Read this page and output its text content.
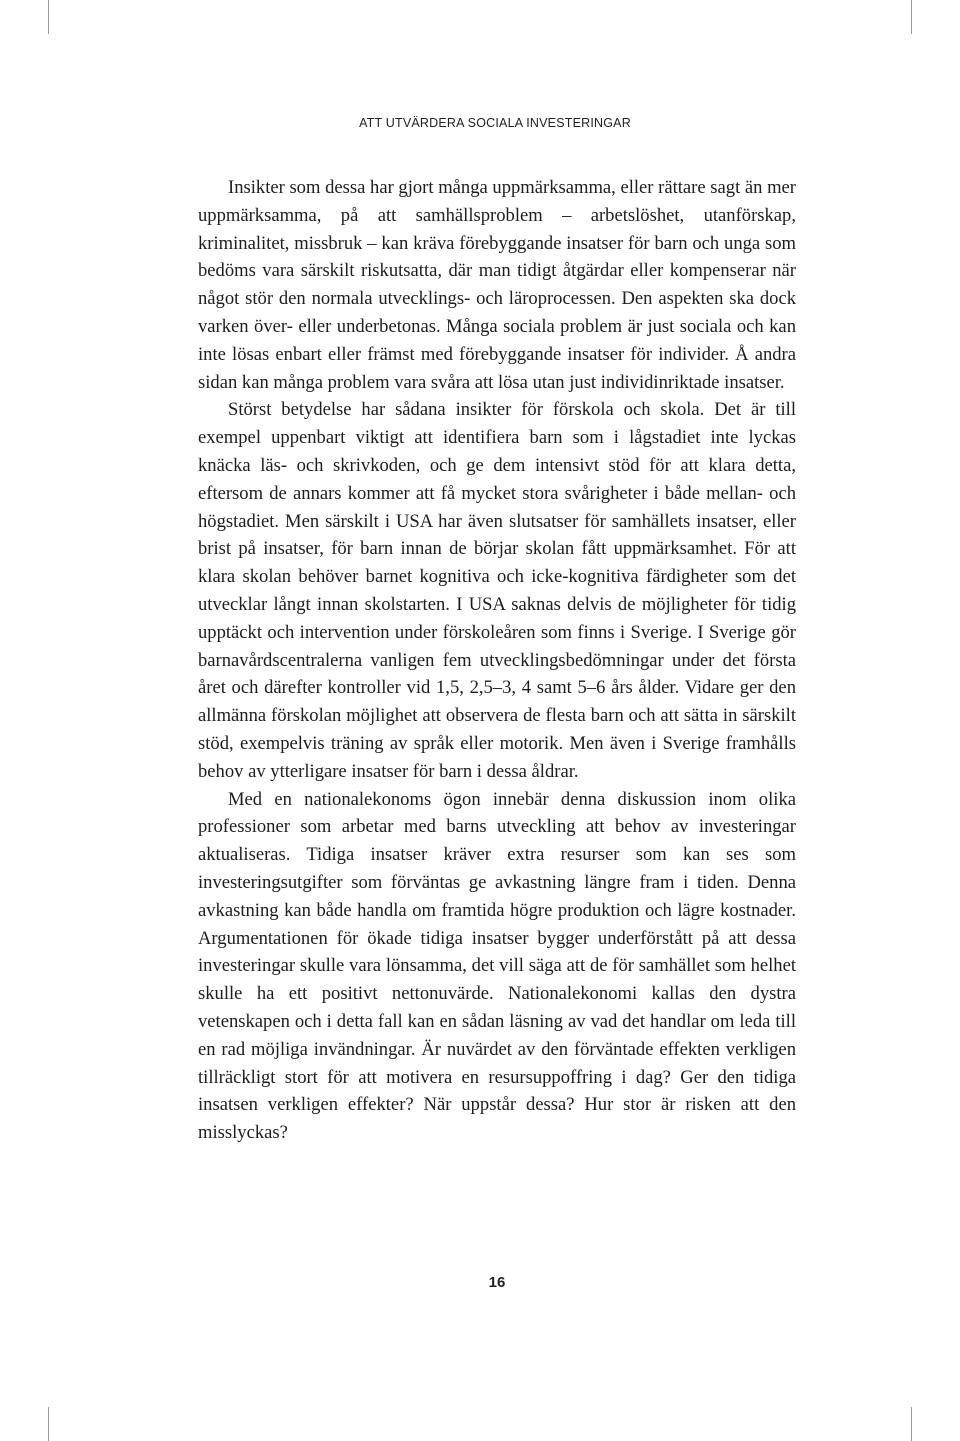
ATT UTVÄRDERA SOCIALA INVESTERINGAR

Insikter som dessa har gjort många uppmärksamma, eller rättare sagt än mer uppmärksamma, på att samhällsproblem – arbetslöshet, utanförskap, kriminalitet, missbruk – kan kräva förebyggande insatser för barn och unga som bedöms vara särskilt riskutsatta, där man tidigt åtgärdar eller kompenserar när något stör den normala utvecklings- och läroprocessen. Den aspekten ska dock varken över- eller underbetonas. Många sociala problem är just sociala och kan inte lösas enbart eller främst med förebyggande insatser för individer. Å andra sidan kan många problem vara svåra att lösa utan just individinriktade insatser.

Störst betydelse har sådana insikter för förskola och skola. Det är till exempel uppenbart viktigt att identifiera barn som i lågstadiet inte lyckas knäcka läs- och skrivkoden, och ge dem intensivt stöd för att klara detta, eftersom de annars kommer att få mycket stora svårigheter i både mellan- och högstadiet. Men särskilt i USA har även slutsatser för samhällets insatser, eller brist på insatser, för barn innan de börjar skolan fått uppmärksamhet. För att klara skolan behöver barnet kognitiva och icke-kognitiva färdigheter som det utvecklar långt innan skolstarten. I USA saknas delvis de möjligheter för tidig upptäckt och intervention under förskoleåren som finns i Sverige. I Sverige gör barnavårdscentralerna vanligen fem utvecklingsbedömningar under det första året och därefter kontroller vid 1,5, 2,5–3, 4 samt 5–6 års ålder. Vidare ger den allmänna förskolan möjlighet att observera de flesta barn och att sätta in särskilt stöd, exempelvis träning av språk eller motorik. Men även i Sverige framhålls behov av ytterligare insatser för barn i dessa åldrar.

Med en nationalekonoms ögon innebär denna diskussion inom olika professioner som arbetar med barns utveckling att behov av investeringar aktualiseras. Tidiga insatser kräver extra resurser som kan ses som investeringsutgifter som förväntas ge avkastning längre fram i tiden. Denna avkastning kan både handla om framtida högre produktion och lägre kostnader. Argumentationen för ökade tidiga insatser bygger underförstått på att dessa investeringar skulle vara lönsamma, det vill säga att de för samhället som helhet skulle ha ett positivt nettonuvärde. Nationalekonomi kallas den dystra vetenskapen och i detta fall kan en sådan läsning av vad det handlar om leda till en rad möjliga invändningar. Är nuvärdet av den förväntade effekten verkligen tillräckligt stort för att motivera en resursuppoffring i dag? Ger den tidiga insatsen verkligen effekter? När uppstår dessa? Hur stor är risken att den misslyckas?

16
